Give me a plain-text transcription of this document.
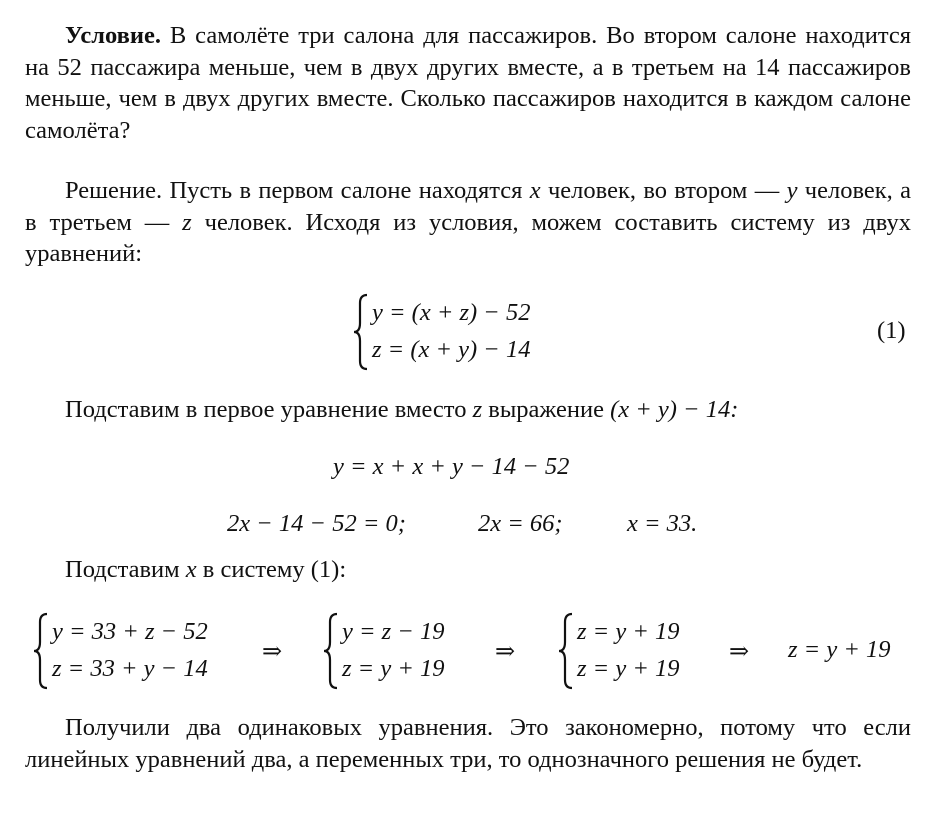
Условие. В самолёте три салона для пассажиров. Во втором салоне находится на 52 пассажира меньше, чем в двух других вместе, а в третьем на 14 пассажиров меньше, чем в двух других вместе. Сколько пассажиров находится в каждом салоне самолёта?
Решение. Пусть в первом салоне находятся x человек, во втором — y человек, а в третьем — z человек. Исходя из условия, можем составить систему из двух уравнений:
y = (x + z) − 52
z = (x + y) − 14
(1)
Подставим в первое уравнение вместо z выражение (x + y) − 14:
y = x + x + y − 14 − 52
2x − 14 − 52 = 0;	2x = 66;	x = 33.
Подставим x в систему (1):
y = 33 + z − 52
z = 33 + y − 14
⇒
y = z − 19
z = y + 19
⇒
z = y + 19
z = y + 19
⇒ z = y + 19
Получили два одинаковых уравнения. Это закономерно, потому что если линейных уравнений два, а переменных три, то однозначного решения не будет.
